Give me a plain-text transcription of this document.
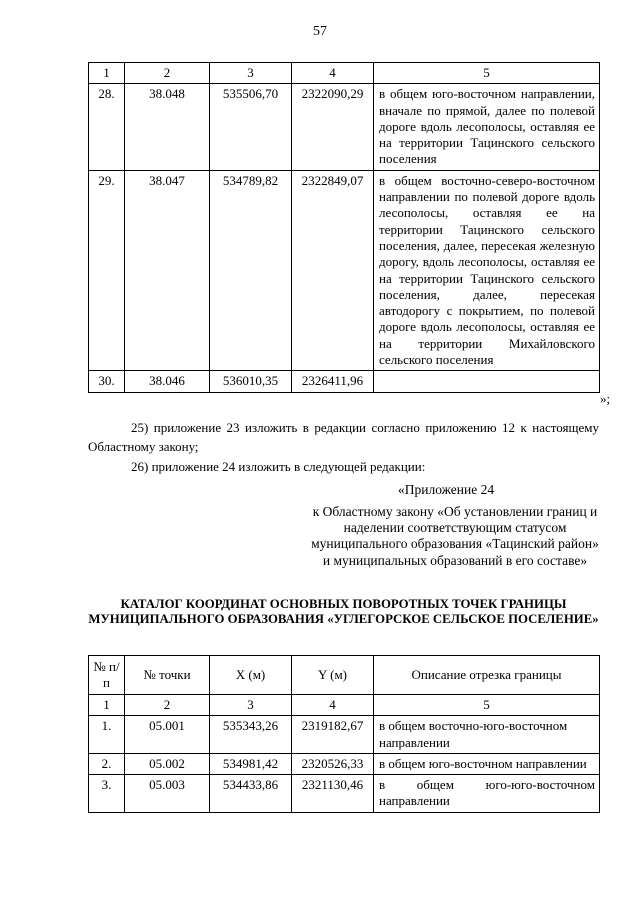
57
1	2	3	4	5
28.	38.048	535506,70	2322090,29	в общем юго-восточном направлении, вначале по прямой, далее по полевой дороге вдоль лесополосы, оставляя ее на территории Тацинского сельского поселения
29.	38.047	534789,82	2322849,07	в общем восточно-северо-восточном направлении по полевой дороге вдоль лесополосы, оставляя ее на территории Тацинского сельского поселения, далее, пересекая железную дорогу, вдоль лесополосы, оставляя ее на территории Тацинского сельского поселения, далее, пересекая автодорогу с покрытием, по полевой дороге вдоль лесополосы, оставляя ее на территории Михайловского сельского поселения
30.	38.046	536010,35	2326411,96	
»;
25) приложение 23 изложить в редакции согласно приложению 12 к настоящему Областному закону;
26) приложение 24 изложить в следующей редакции:
«Приложение 24
к Областному закону «Об установлении границ и наделении соответствующим статусом муниципального образования «Тацинский район» и муниципальных образований в его составе»
КАТАЛОГ КООРДИНАТ ОСНОВНЫХ ПОВОРОТНЫХ ТОЧЕК ГРАНИЦЫ МУНИЦИПАЛЬНОГО ОБРАЗОВАНИЯ «УГЛЕГОРСКОЕ СЕЛЬСКОЕ ПОСЕЛЕНИЕ»
№ п/п	№ точки	X (м)	Y (м)	Описание отрезка границы
1	2	3	4	5
1.	05.001	535343,26	2319182,67	в общем восточно-юго-восточном направлении
2.	05.002	534981,42	2320526,33	в общем юго-восточном направлении
3.	05.003	534433,86	2321130,46	в общем юго-юго-восточном направлении
